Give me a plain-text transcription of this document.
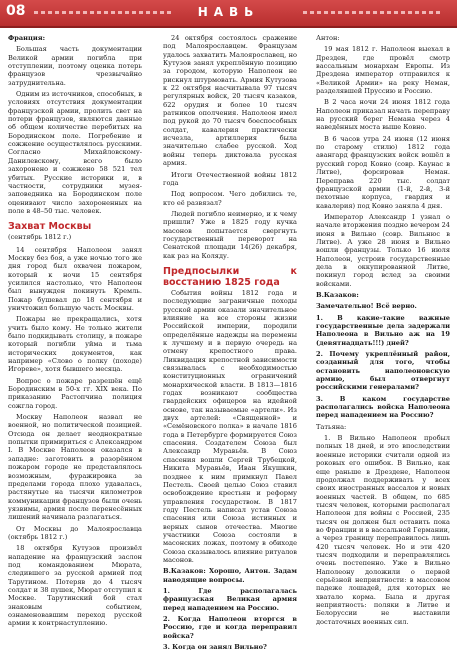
08	НАВЬ

Франция:

Большая часть документации Великой армии погибла при отступлении, поэтому оценка потерь французов чрезвычайно затруднительна.

Одним из источников, способных, в условиях отсутствия документации французской армии, пролить свет на потери французов, являются данные об общем количестве перебитых на Бородинском поле. Погребение и сожжение осуществлялось русскими. Согласно Михайловскому-Данилевскому, всего было захоронено и сожжено 58 521 тел убитых. Русские историки и, в частности, сотрудники музея-заповедника на Бородинском поле оценивают число захороненных на поле в 48–50 тыс. человек.

Захват Москвы
(сентябрь 1812 г.)

14 сентября Наполеон занял Москву без боя, а уже ночью того же дня город был охвачен пожаром, который к ночи 15 сентября усилился настолько, что Наполеон был вынужден покинуть Кремль. Пожар бушевал до 18 сентября и уничтожил большую часть Москвы.

Пожары не прекращались, хотя учить было кому. Не только жители было подкидывать столицу, в пожаре который погибли уйма и тьма исторических документов, как например «Слово о полку (походе) Игореве», хотя бывшего месяца.

Вопрос о пожаре разрешён ещё Бородинским в 50-х гг. XIX века. По приказанию Растопчина полиция сожгла город.

Москву Наполеон назвал не военной, но политической позицией. Отсюда он делает неоднократные попытки примириться с Александром I. В Москве Наполеон оказался в западне: заготовить в разорённом пожаром городе не представлялось возможным, фуражировка за пределами города плохо удавалась, растянутые на тысячи километров коммуникации французов были очень уязвимы, армия после перенесённых лишений начинала разлагаться.

От Москвы до Малоярославца (октябрь 1812 г.)

18 октября Кутузов произвёл нападение на французский заслон под командованием Мюрата, следившего за русской армией под Тарутином. Потеряв до 4 тысяч солдат и 38 пушек, Мюрат отступил к Москве. Тарутинский бой стал знаковым событием, ознаменовавшим переход русской армии к контрнаступлению.

24 октября состоялось сражение под Малоярославцем. Французам удалось захватить Малоярославец, но Кутузов занял укреплённую позицию за городом, которую Наполеон не рискнул штурмовать. Армия Кутузова к 22 октября насчитывала 97 тысяч регулярных войск, 20 тысяч казаков, 622 орудия и более 10 тысяч ратников ополчения. Наполеон имел под рукой до 70 тысяч боеспособных солдат, кавалерия практически исчезла, артиллерия была значительно слабее русской. Ход войны теперь диктовала русская армия.

Итоги Отечественной войны 1812 года

Под вопросом. Чего добились те, кто её развязал?

Людей погибло неимерно, и к чему пришли? Уже в 1825 году кучка масонов попытается свергнуть государственный переворот на Сенатской площади 14(26) декабря, как раз на Коляду.

Предпосылки к восстанию 1825 года

События войны 1812 года и последующие заграничные походы русской армии оказали значительное влияние на все стороны жизни Российской империи, породили определённые надежды на перемены к лучшему и в первую очередь на отмену крепостного права. Ликвидация крепостной зависимости связывалась с необходимостью конституционных ограничений монархической власти. В 1813—1816 годах возникают сообщества гвардейских офицеров на идейной основе, так называемые «артели». Из двух артелей: «Священной» и «Семёновского полка» в начале 1816 года в Петербурге формируется Союз спасения. Создателем Союза был Александр Муравьёв. В Союз спасения вошли Сергей Трубецкой, Никита Муравьёв, Иван Якушкин, позднее к ним примкнул Павел Пестель. Своей целью Союз ставил освобождение крестьян и реформу управления государством. В 1817 году Пестель написал устав Союза спасения или Союза истинных и верных сынов отечества. Многие участники Союза состояли в масонских ложах, поэтому в обиходе Союза сказывалось влияние ритуалов масонов.

В.Казаков: Хорошо, Антон. Задам наводящие вопросы.

1. Где располагалась французская Великая армия перед нападением на Россию.

2. Когда Наполеон вторгся в Россию, где и когда переправил войска?

3. Когда он занял Вильно?

Антон:

19 мая 1812 г. Наполеон выехал в Дрезден, где провёл смотр вассальным монархам Европы. Из Дрездена император отправился к «Великой Армии» на реку Неман, разделявшей Пруссию и Россию.

В 2 часа ночи 24 июня 1812 года Наполеон приказал начать переправу на русский берег Немана через 4 наведённых моста выше Ковно.

В 6 часов утра 24 июня (12 июня по старому стилю) 1812 года авангард французских войск вошёл в русский город Ковно (совр. Каунас в Литве), форсировав Неман. Переправа 220 тыс. солдат французской армии (1-й, 2-й, 3-й пехотные корпуса, гвардия и кавалерия) под Ковно заняла 4 дня.

Император Александр I узнал о начале вторжения поздно вечером 24 июня в Вильно (совр. Вильнюс в Литве). А уже 28 июня в Вильно вошли французы. Только 16 июля Наполеон, устроив государственные дела в оккупированной Литве, покинул город вслед за своими войсками.

В.Казаков:

Замечательно! Всё верно.

1. В какие-такие важные государственные дела задержали Наполеона в Вильно аж на 19 (девятнадцать!!!) дней?

2. Почему укреплённый район, созданный для того, чтобы остановить наполеоновскую армию, был отвергнут российскими генералами?

3. В каком государстве располагались войска Наполеона перед нападением на Россию?

Татьяна:

1. В Вильно Наполеон пробыл полных 18 дней, и это впоследствии военные историки считали одной из роковых его ошибок. В Вильно, как еще раньше в Дрездене, Наполеон продолжал поддерживать у всех своих иностранных вассалов и новых военных частей. В общем, по 685 тысяч человек, которыми располагал Наполеон для войны с Россией, 235 тысяч он должен был оставить пока во Франции и в вассальной Германии, а через границу переправилось лишь 420 тысяч человек. Но и эти 420 тысяч подходили и переправлялись очень постепенно. Уже в Вильно Наполеону доложили о первой серьёзной неприятности: в массовом падеже лошадей, для которых не хватало корма. Была и другая неприятность: поляки в Литве и Белоруссии не выставили достаточных военных сил.
